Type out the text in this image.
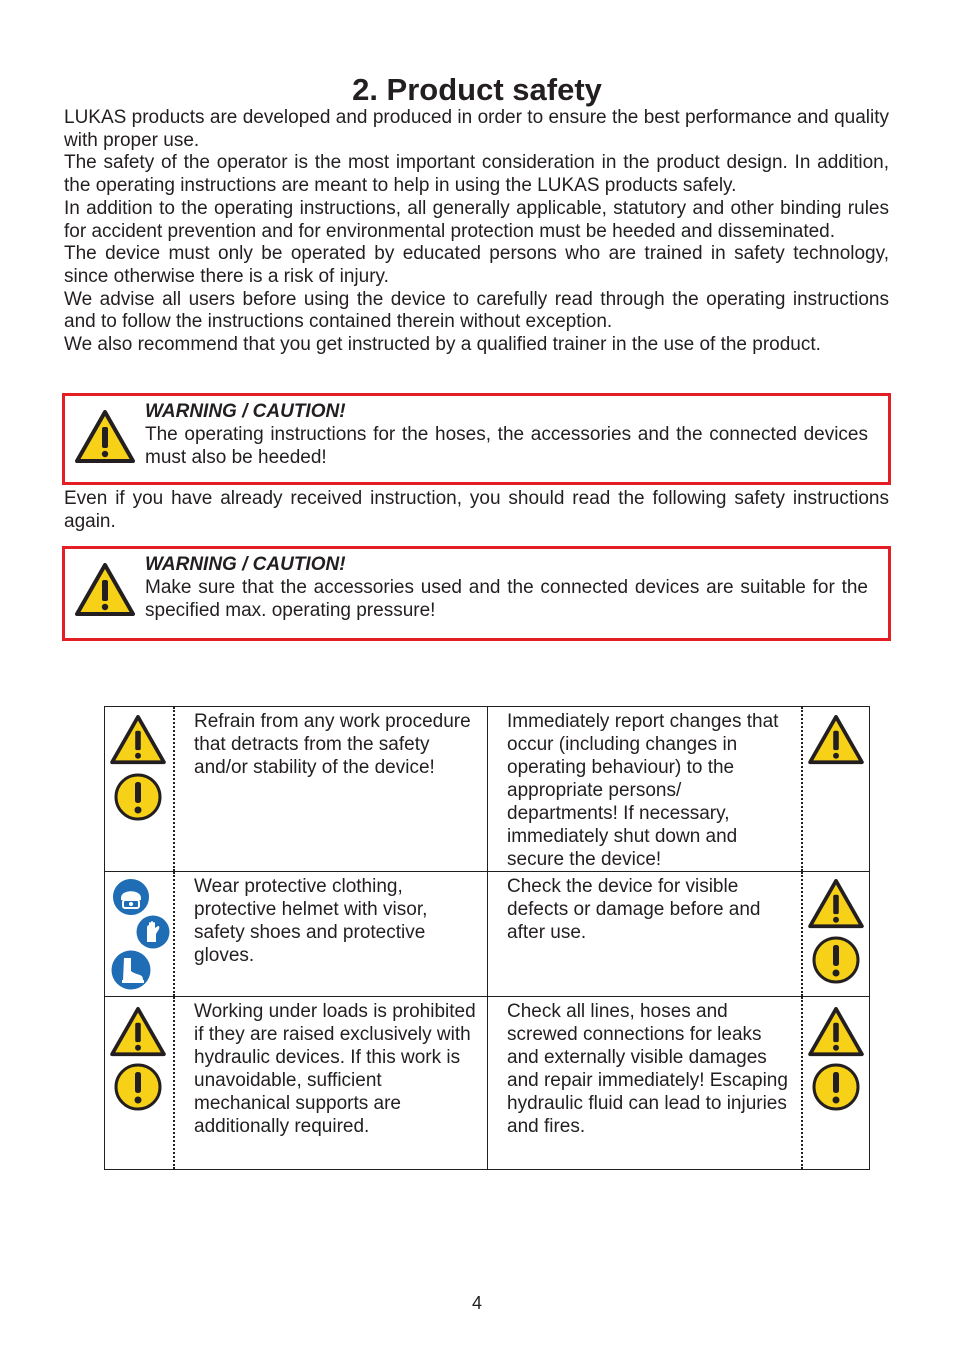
2. Product safety

LUKAS products are developed and produced in order to ensure the best performance and quality with proper use.

The safety of the operator is the most important consideration in the product design. In addition, the operating instructions are meant to help in using the LUKAS products safely.

In addition to the operating instructions, all generally applicable, statutory and other binding rules for accident prevention and for environmental protection must be heeded and disseminated.

The device must only be operated by educated persons who are trained in safety technology, since otherwise there is a risk of injury.

We advise all users before using the device to carefully read through the operating instructions and to follow the instructions contained therein without exception.

We also recommend that you get instructed by a qualified trainer in the use of the product.

WARNING / CAUTION!
The operating instructions for the hoses, the accessories and the connected devices must also be heeded!
Even if you have already received instruction, you should read the following safety instructions again.
WARNING / CAUTION!
Make sure that the accessories used and the connected devices are suitable for the specified max. operating pressure!
Refrain from any work procedure that detracts from the safety and/or stability of the device!
Immediately report changes that occur (including changes in operating behaviour) to the appropriate persons/ departments! If necessary, immediately shut down and secure the device!
Wear protective clothing, protective helmet with visor, safety shoes and protective gloves.
Check the device for visible defects or damage before and after use.
Working under loads is prohibited if they are raised exclusively with hydraulic devices. If this work is unavoidable, sufficient mechanical supports are additionally required.
Check all lines, hoses and screwed connections for leaks and externally visible damages and repair immediately! Escaping hydraulic fluid can lead to injuries and fires.
4
